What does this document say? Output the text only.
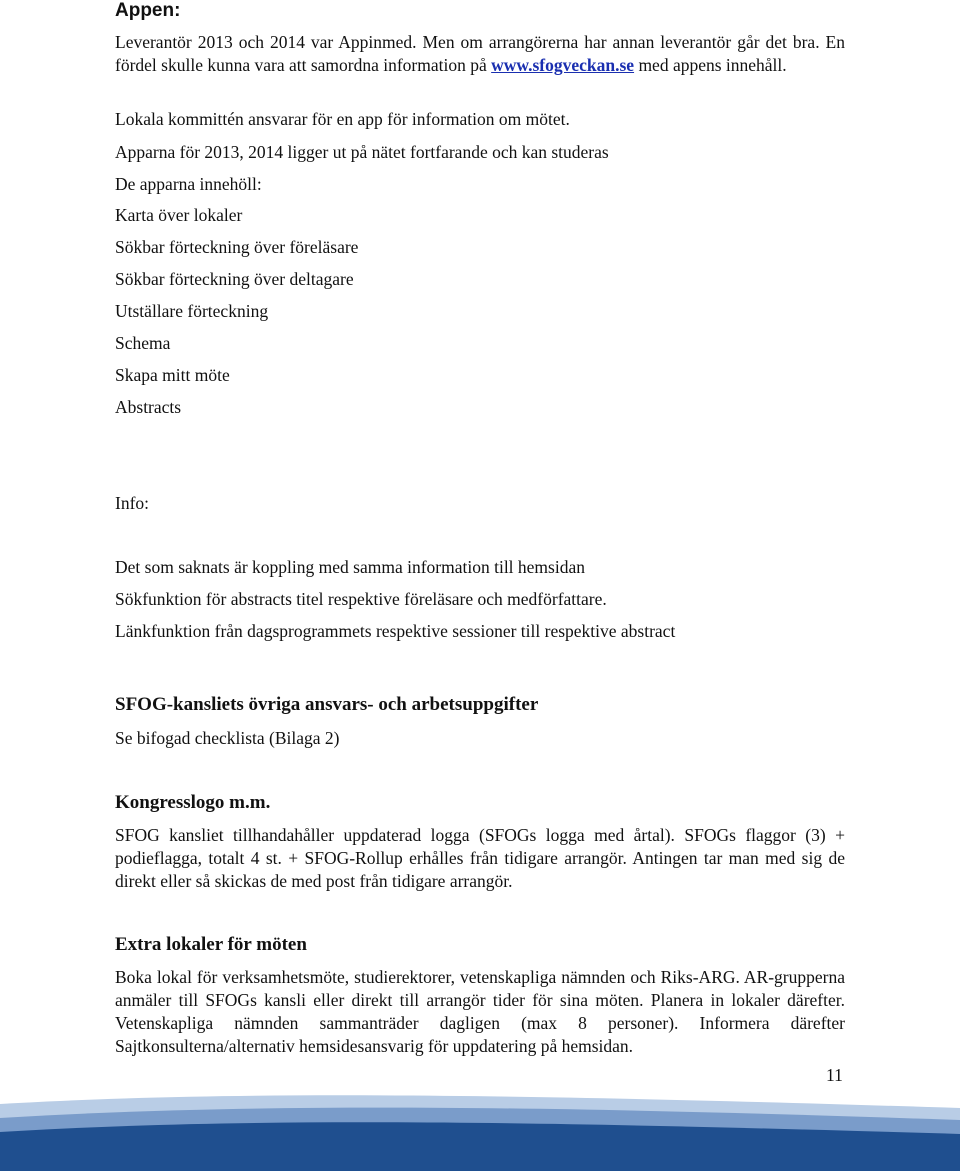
Appen:

Leverantör 2013 och 2014 var Appinmed. Men om arrangörerna har annan leverantör går det bra. En fördel skulle kunna vara att samordna information på www.sfogveckan.se med appens innehåll.

Lokala kommittén ansvarar för en app för information om mötet.

Apparna för 2013, 2014 ligger ut på nätet fortfarande och kan studeras

De apparna innehöll:

Karta över lokaler

Sökbar förteckning över föreläsare

Sökbar förteckning över deltagare

Utställare förteckning

Schema

Skapa mitt möte

Abstracts

Info:

Det som saknats är koppling med samma information till hemsidan

Sökfunktion för abstracts titel respektive föreläsare och medförfattare.

Länkfunktion från dagsprogrammets respektive sessioner till respektive abstract

SFOG-kansliets övriga ansvars- och arbetsuppgifter

Se bifogad checklista (Bilaga 2)

Kongresslogo m.m.

SFOG kansliet tillhandahåller uppdaterad logga (SFOGs logga med årtal). SFOGs flaggor (3) + podieflagga, totalt 4 st. + SFOG-Rollup erhålles från tidigare arrangör. Antingen tar man med sig de direkt eller så skickas de med post från tidigare arrangör.

Extra lokaler för möten

Boka lokal för verksamhetsmöte, studierektorer, vetenskapliga nämnden och Riks-ARG. AR-grupperna anmäler till SFOGs kansli eller direkt till arrangör tider för sina möten. Planera in lokaler därefter. Vetenskapliga nämnden sammanträder dagligen (max 8 personer). Informera därefter Sajtkonsulterna/alternativ hemsidesansvarig för uppdatering på hemsidan.

11
